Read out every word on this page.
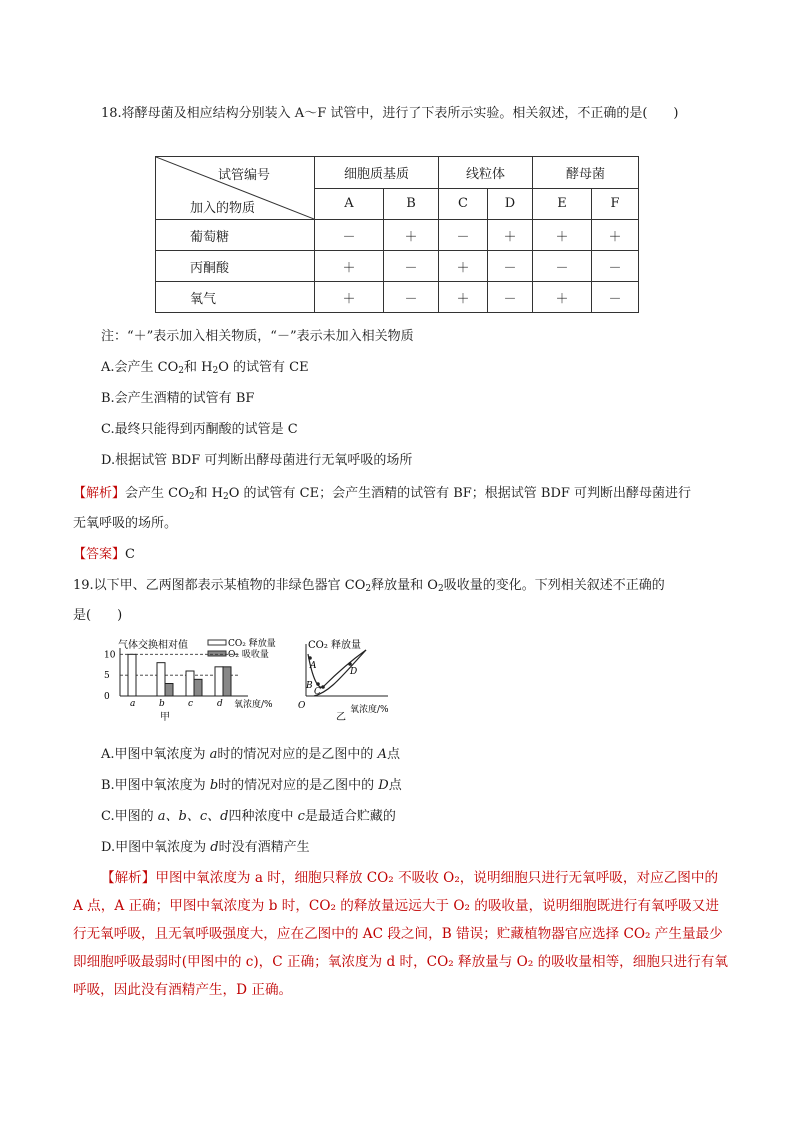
18.将酵母菌及相应结构分别装入 A～F 试管中，进行了下表所示实验。相关叙述，不正确的是(　　)
试管编号
加入的物质	细胞质基质		线粒体		酵母菌	
	A	B	C	D	E	F
葡萄糖	－	＋	－	＋	＋	＋
丙酮酸	＋	－	＋	－	－	－
氧气	＋	－	＋	－	＋	－
注：“＋”表示加入相关物质，“－”表示未加入相关物质
A.会产生 $CO_2$和 $H_2O$ 的试管有 CE
B.会产生酒精的试管有 BF
C.最终只能得到丙酮酸的试管是 C
D.根据试管 BDF 可判断出酵母菌进行无氧呼吸的场所
【解析】会产生 $CO_2$和 $H_2O$ 的试管有 CE；会产生酒精的试管有 BF；根据试管 BDF 可判断出酵母菌进行
无氧呼吸的场所。
【答案】C
19.以下甲、乙两图都表示某植物的非绿色器官 $CO_2$释放量和 $O_2$吸收量的变化。下列相关叙述不正确的
是(　　)
气体交换相对值	CO₂ 释放量
O₂ 吸收量
10
5
0
a	b	c	d 氧浓度/%
甲
CO₂ 释放量
A
B
C
D
O	氧浓度/%
乙
A.甲图中氧浓度为 a时的情况对应的是乙图中的 A点
B.甲图中氧浓度为 b时的情况对应的是乙图中的 D点
C.甲图的 a、b、c、d四种浓度中 c是最适合贮藏的
D.甲图中氧浓度为 d时没有酒精产生
【解析】甲图中氧浓度为 a 时，细胞只释放 CO₂ 不吸收 O₂，说明细胞只进行无氧呼吸，对应乙图中的
A 点，A 正确；甲图中氧浓度为 b 时，CO₂ 的释放量远远大于 O₂ 的吸收量，说明细胞既进行有氧呼吸又进
行无氧呼吸，且无氧呼吸强度大，应在乙图中的 AC 段之间，B 错误；贮藏植物器官应选择 CO₂ 产生量最少
即细胞呼吸最弱时(甲图中的 c)，C 正确；氧浓度为 d 时，CO₂ 释放量与 O₂ 的吸收量相等，细胞只进行有氧
呼吸，因此没有酒精产生，D 正确。
